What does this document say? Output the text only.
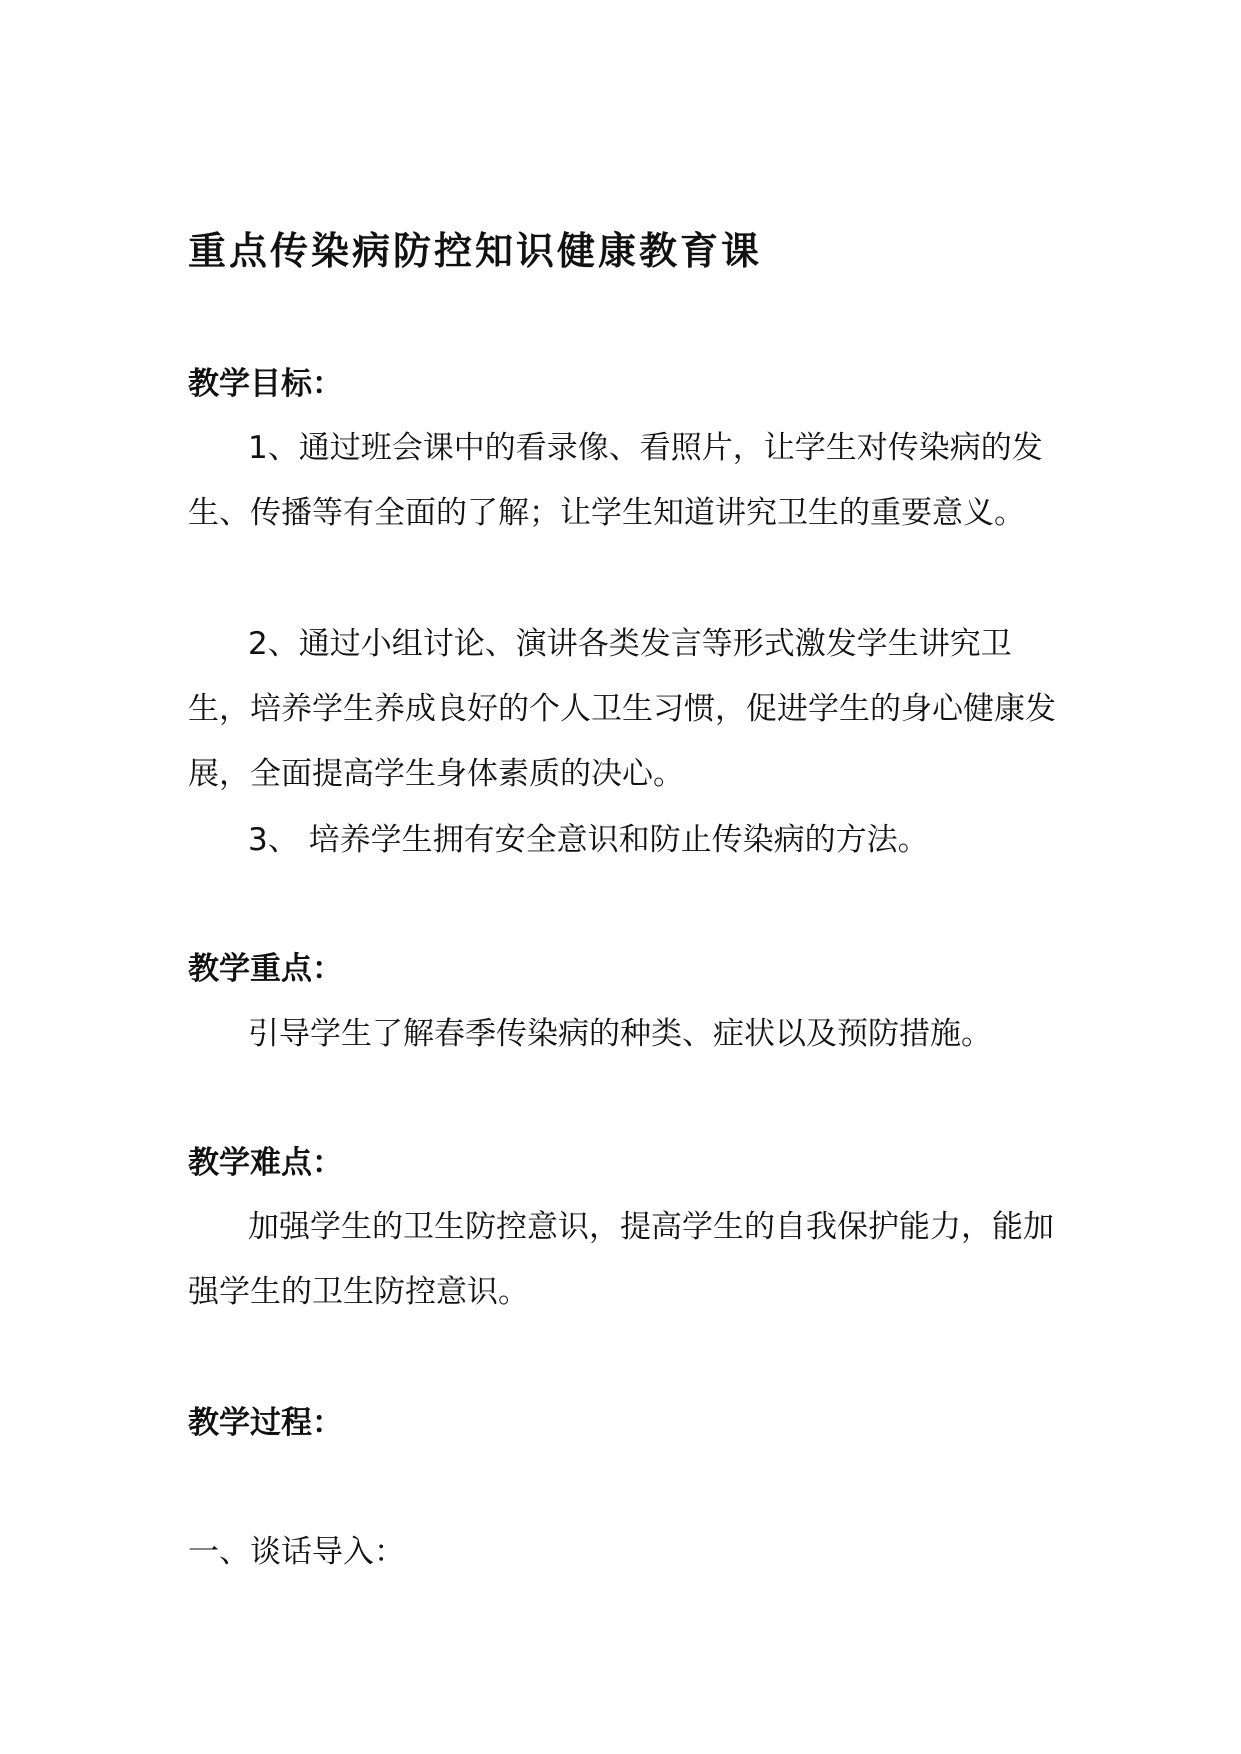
重点传染病防控知识健康教育课
教学目标：
1、通过班会课中的看录像、看照片，让学生对传染病的发生、传播等有全面的了解；让学生知道讲究卫生的重要意义。
2、通过小组讨论、演讲各类发言等形式激发学生讲究卫生，培养学生养成良好的个人卫生习惯，促进学生的身心健康发展，全面提高学生身体素质的决心。
3、 培养学生拥有安全意识和防止传染病的方法。
教学重点：
引导学生了解春季传染病的种类、症状以及预防措施。
教学难点：
加强学生的卫生防控意识，提高学生的自我保护能力，能加强学生的卫生防控意识。
教学过程：
一、谈话导入：
